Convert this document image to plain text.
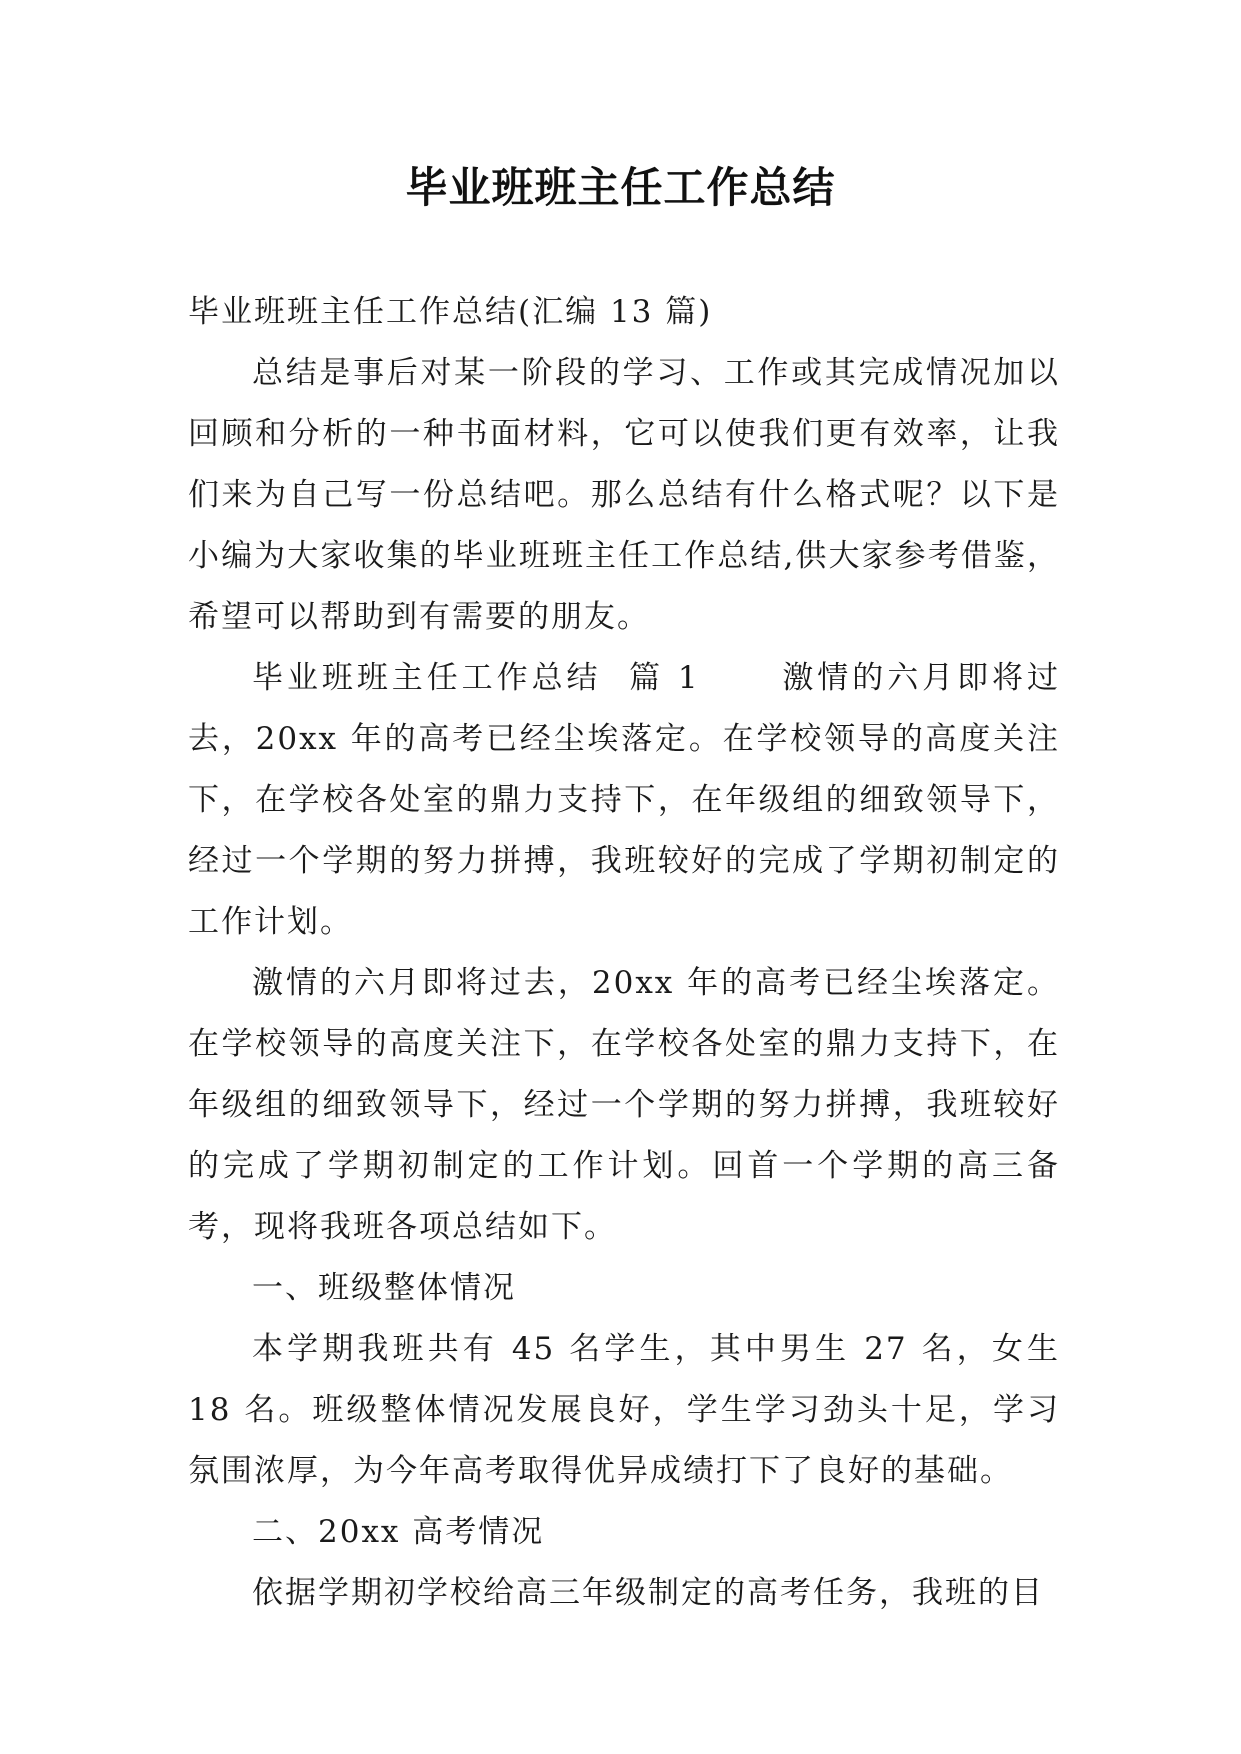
毕业班班主任工作总结

毕业班班主任工作总结(汇编 13 篇)

总结是事后对某一阶段的学习、工作或其完成情况加以回顾和分析的一种书面材料，它可以使我们更有效率，让我们来为自己写一份总结吧。那么总结有什么格式呢？以下是小编为大家收集的毕业班班主任工作总结,供大家参考借鉴，希望可以帮助到有需要的朋友。

毕业班班主任工作总结  篇 1      激情的六月即将过去，20xx 年的高考已经尘埃落定。在学校领导的高度关注下，在学校各处室的鼎力支持下，在年级组的细致领导下，经过一个学期的努力拼搏，我班较好的完成了学期初制定的工作计划。

激情的六月即将过去，20xx 年的高考已经尘埃落定。在学校领导的高度关注下，在学校各处室的鼎力支持下，在年级组的细致领导下，经过一个学期的努力拼搏，我班较好的完成了学期初制定的工作计划。回首一个学期的高三备考，现将我班各项总结如下。

一、班级整体情况

本学期我班共有 45 名学生，其中男生 27 名，女生 18 名。班级整体情况发展良好，学生学习劲头十足，学习氛围浓厚，为今年高考取得优异成绩打下了良好的基础。

二、20xx 高考情况

依据学期初学校给高三年级制定的高考任务，我班的目
